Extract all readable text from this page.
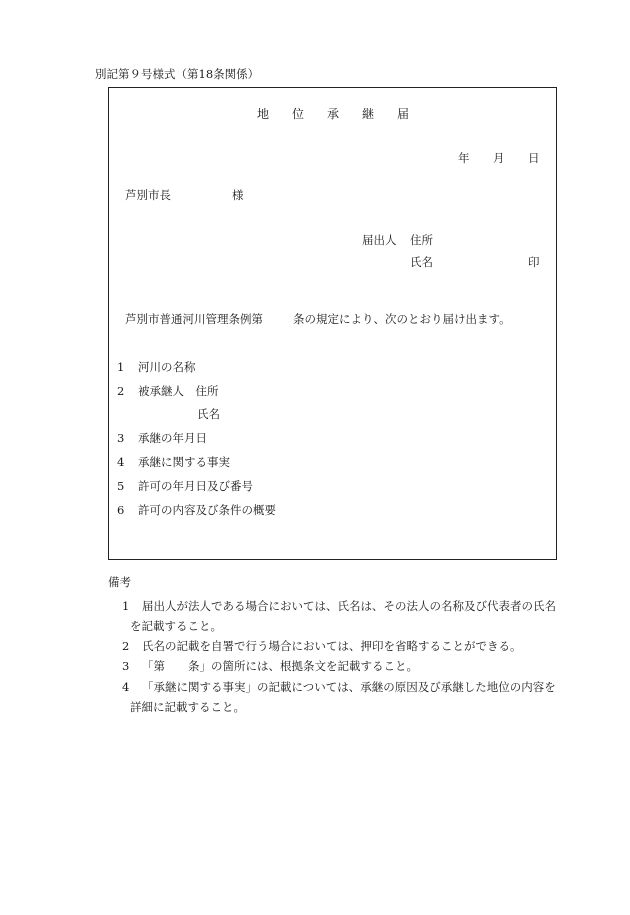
別記第９号様式（第18条関係）
地 位 承 継 届
年 月 日
芦別市長	様
届出人 住所
氏名	印
芦別市普通河川管理条例第	条の規定により、次のとおり届け出ます。
1 河川の名称
2 被承継人　住所
氏名
3 承継の年月日
4 承継に関する事実
5 許可の年月日及び番号
6 許可の内容及び条件の概要
備考
1 届出人が法人である場合においては、氏名は、その法人の名称及び代表者の氏名
を記載すること。
2 氏名の記載を自署で行う場合においては、押印を省略することができる。
3 「第　　条」の箇所には、根拠条文を記載すること。
4 「承継に関する事実」の記載については、承継の原因及び承継した地位の内容を
詳細に記載すること。
